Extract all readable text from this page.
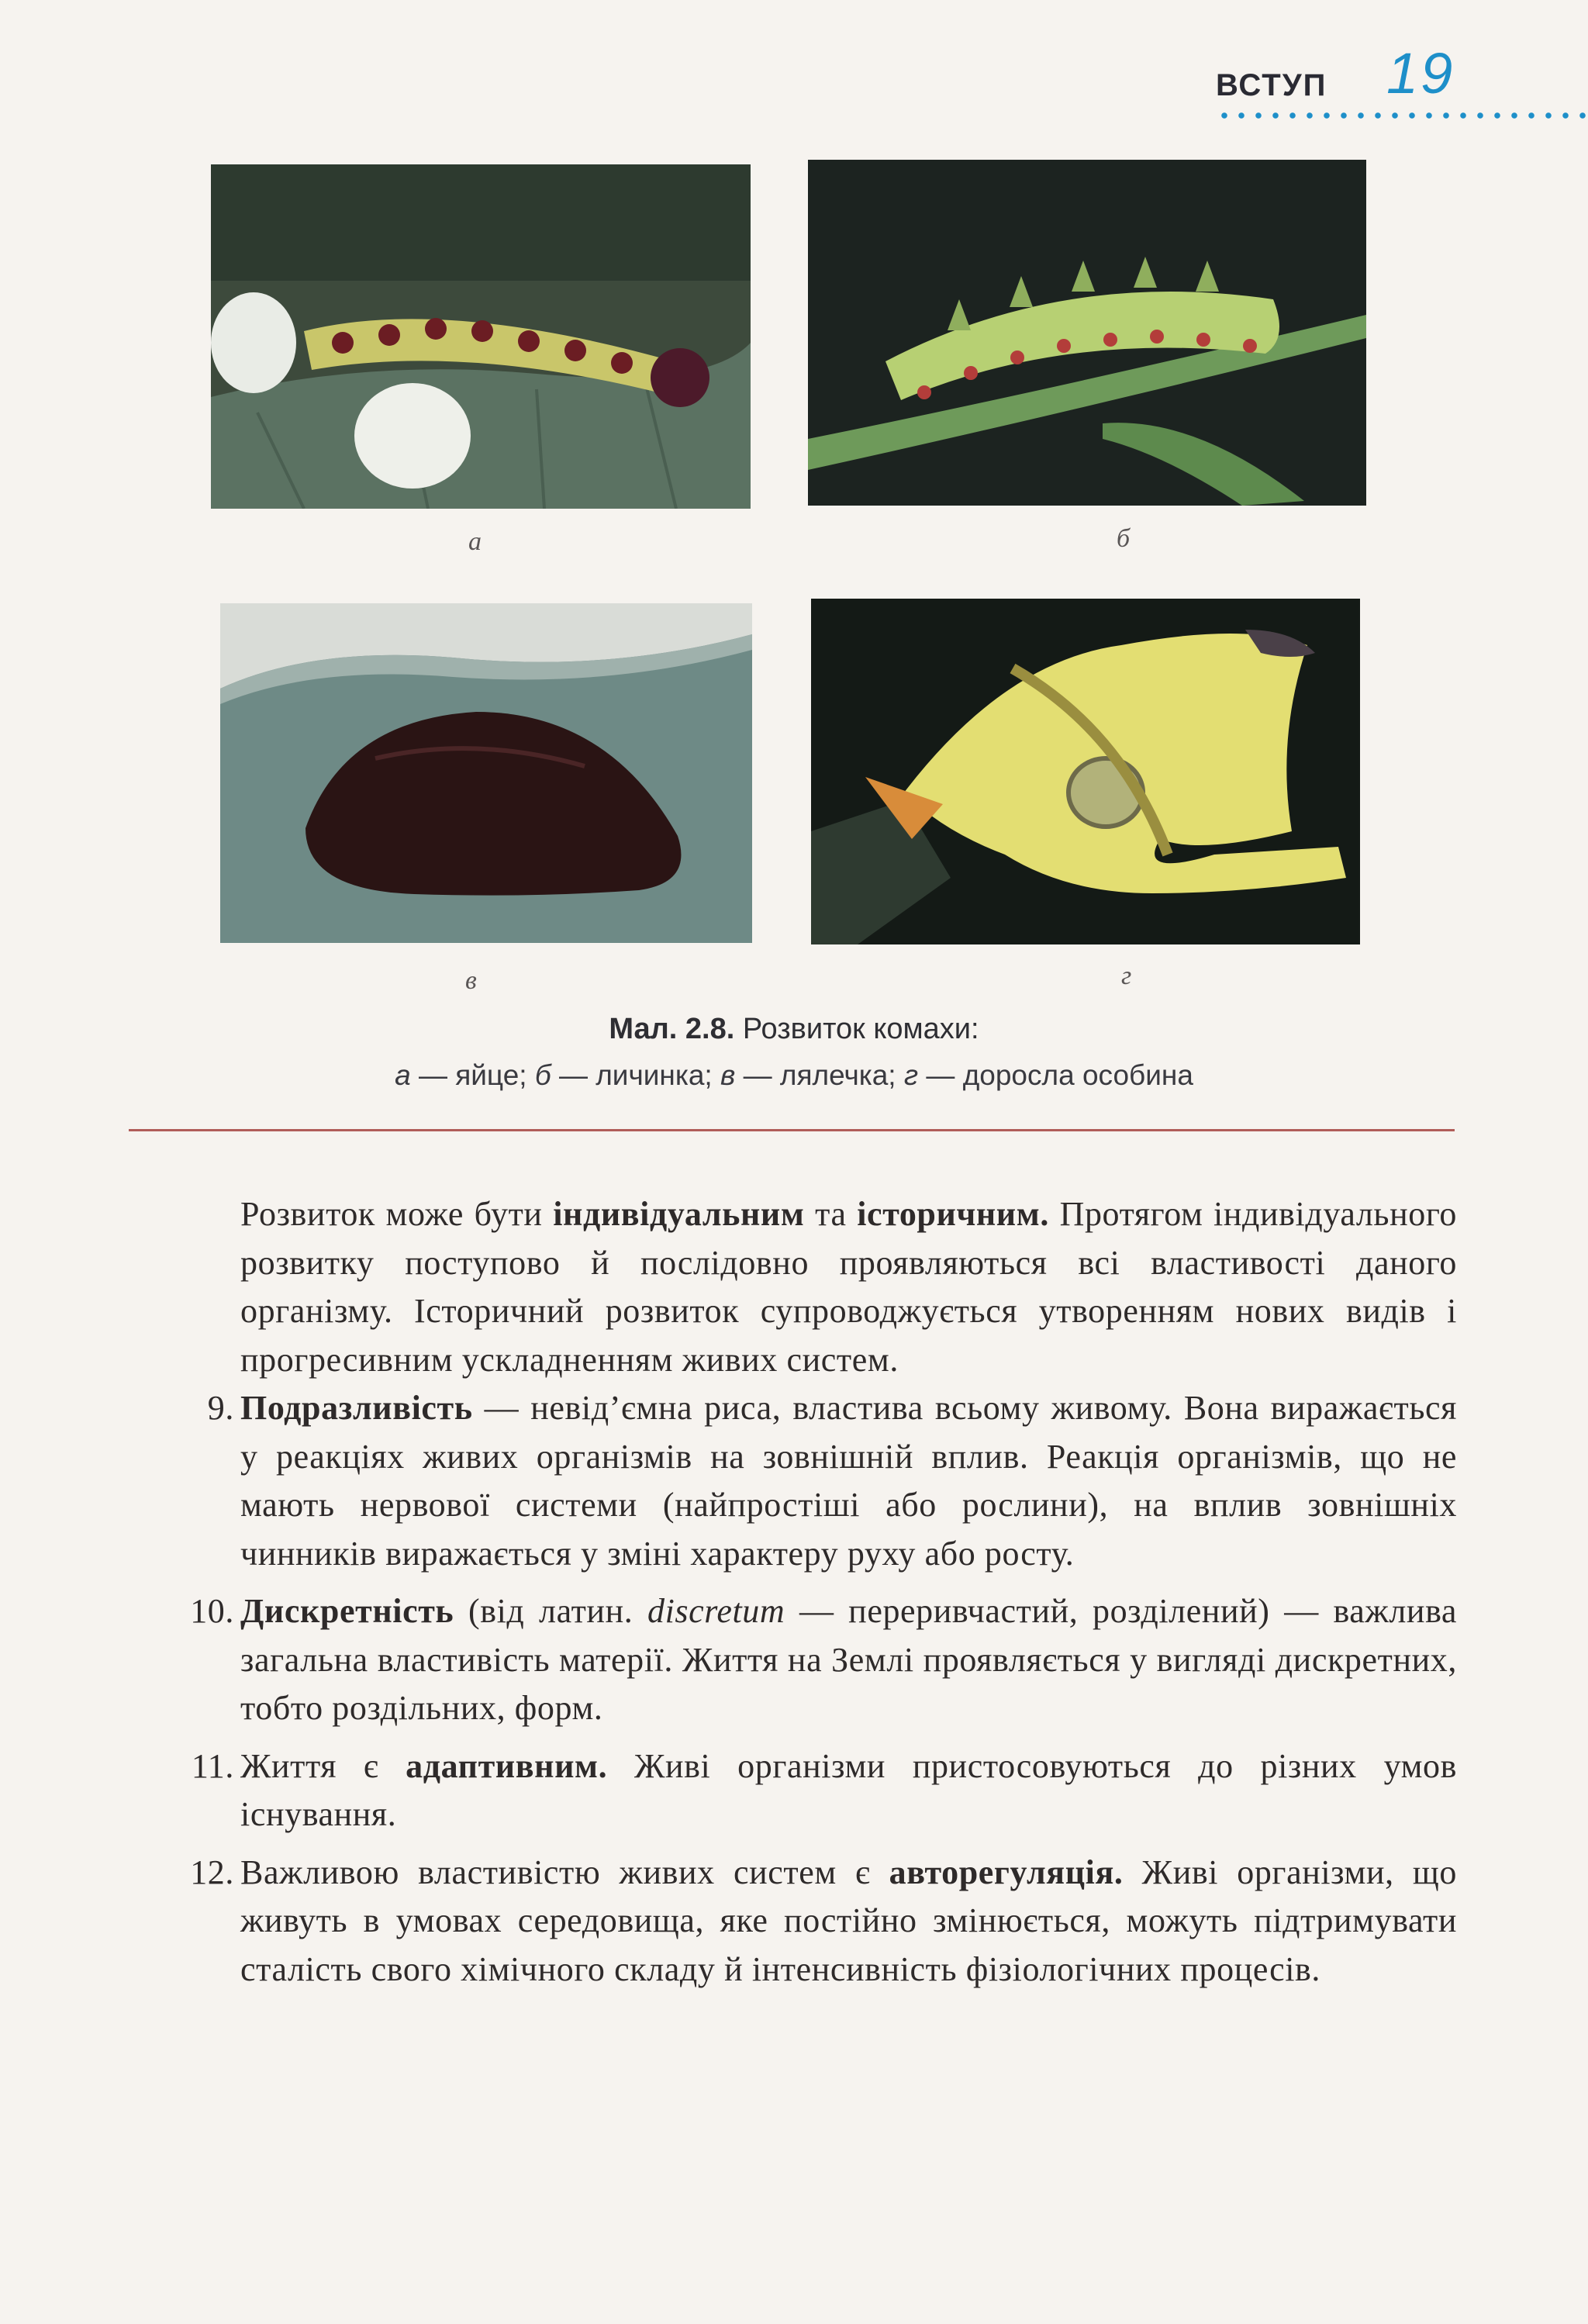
ВСТУП 19
а	б
в	г
Мал. 2.8. Розвиток комахи:
а — яйце; б — личинка; в — лялечка; г — доросла особина

Розвиток може бути індивідуальним та історичним. Протягом індивідуального розвитку поступово й послідовно проявляються всі властивості даного організму. Історичний розвиток супроводжується утворенням нових видів і прогресивним ускладненням живих систем.

9. Подразливість — невід’ємна риса, властива всьому живому. Вона виражається у реакціях живих організмів на зовнішній вплив. Реакція організмів, що не мають нервової системи (найпростіші або рослини), на вплив зовнішніх чинників виражається у зміні характеру руху або росту.

10. Дискретність (від латин. discretum — переривчастий, розділений) — важлива загальна властивість матерії. Життя на Землі проявляється у вигляді дискретних, тобто роздільних, форм.

11. Життя є адаптивним. Живі організми пристосовуються до різних умов існування.

12. Важливою властивістю живих систем є авторегуляція. Живі організми, що живуть в умовах середовища, яке постійно змінюється, можуть підтримувати сталість свого хімічного складу й інтенсивність фізіологічних процесів.
